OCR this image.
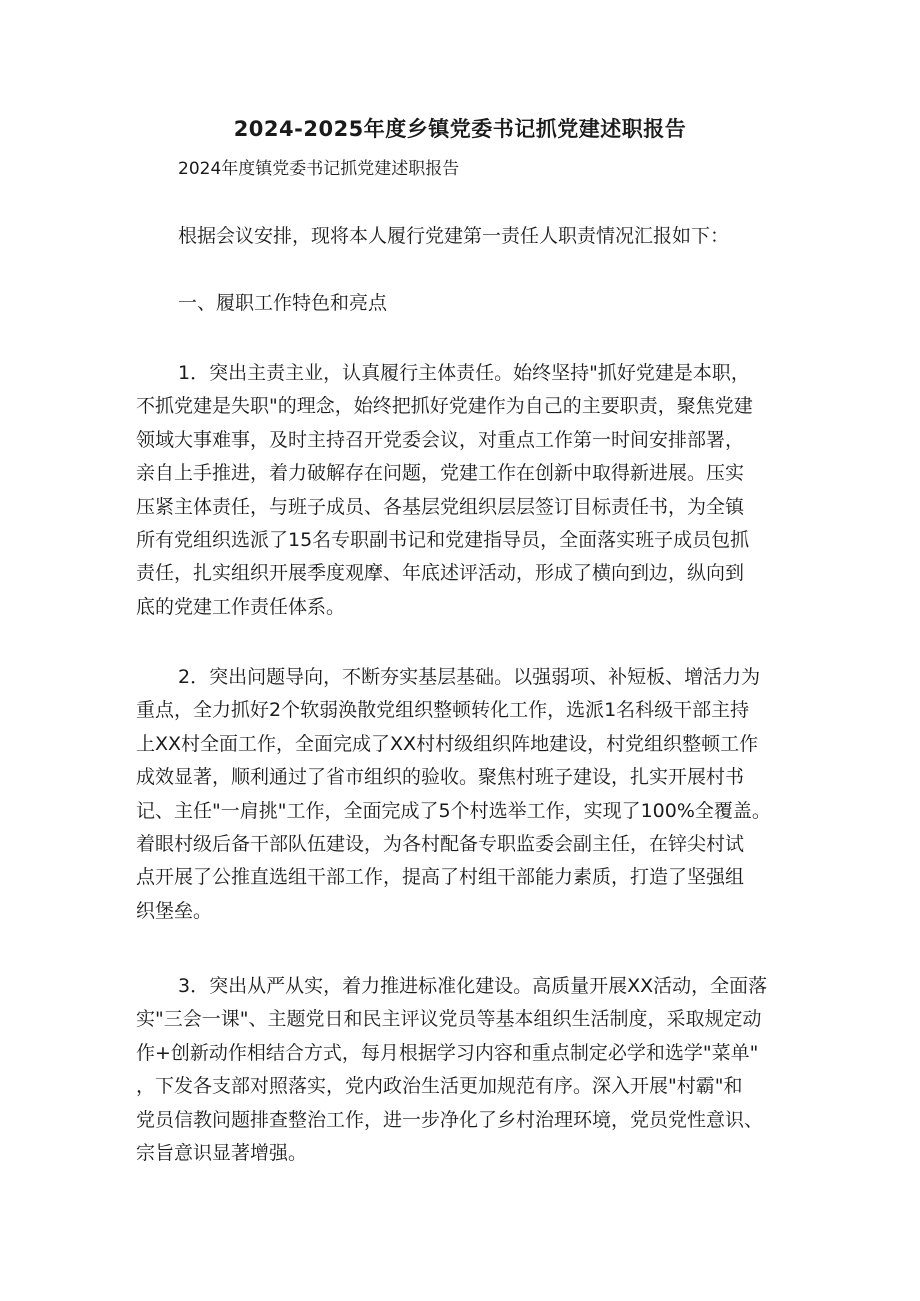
2024-2025年度乡镇党委书记抓党建述职报告
2024年度镇党委书记抓党建述职报告
根据会议安排，现将本人履行党建第一责任人职责情况汇报如下：
一、履职工作特色和亮点
1．突出主责主业，认真履行主体责任。始终坚持"抓好党建是本职，
不抓党建是失职"的理念，始终把抓好党建作为自己的主要职责，聚焦党建
领域大事难事，及时主持召开党委会议，对重点工作第一时间安排部署，
亲自上手推进，着力破解存在问题，党建工作在创新中取得新进展。压实
压紧主体责任，与班子成员、各基层党组织层层签订目标责任书，为全镇
所有党组织选派了15名专职副书记和党建指导员，全面落实班子成员包抓
责任，扎实组织开展季度观摩、年底述评活动，形成了横向到边，纵向到
底的党建工作责任体系。
2．突出问题导向，不断夯实基层基础。以强弱项、补短板、增活力为
重点，全力抓好2个软弱涣散党组织整顿转化工作，选派1名科级干部主持
上XX村全面工作，全面完成了XX村村级组织阵地建设，村党组织整顿工作
成效显著，顺利通过了省市组织的验收。聚焦村班子建设，扎实开展村书
记、主任"一肩挑"工作，全面完成了5个村选举工作，实现了100%全覆盖。
着眼村级后备干部队伍建设，为各村配备专职监委会副主任，在锌尖村试
点开展了公推直选组干部工作，提高了村组干部能力素质，打造了坚强组
织堡垒。
3．突出从严从实，着力推进标准化建设。高质量开展XX活动，全面落
实"三会一课"、主题党日和民主评议党员等基本组织生活制度，采取规定动
作+创新动作相结合方式，每月根据学习内容和重点制定必学和选学"菜单"
，下发各支部对照落实，党内政治生活更加规范有序。深入开展"村霸"和
党员信教问题排查整治工作，进一步净化了乡村治理环境，党员党性意识、
宗旨意识显著增强。
